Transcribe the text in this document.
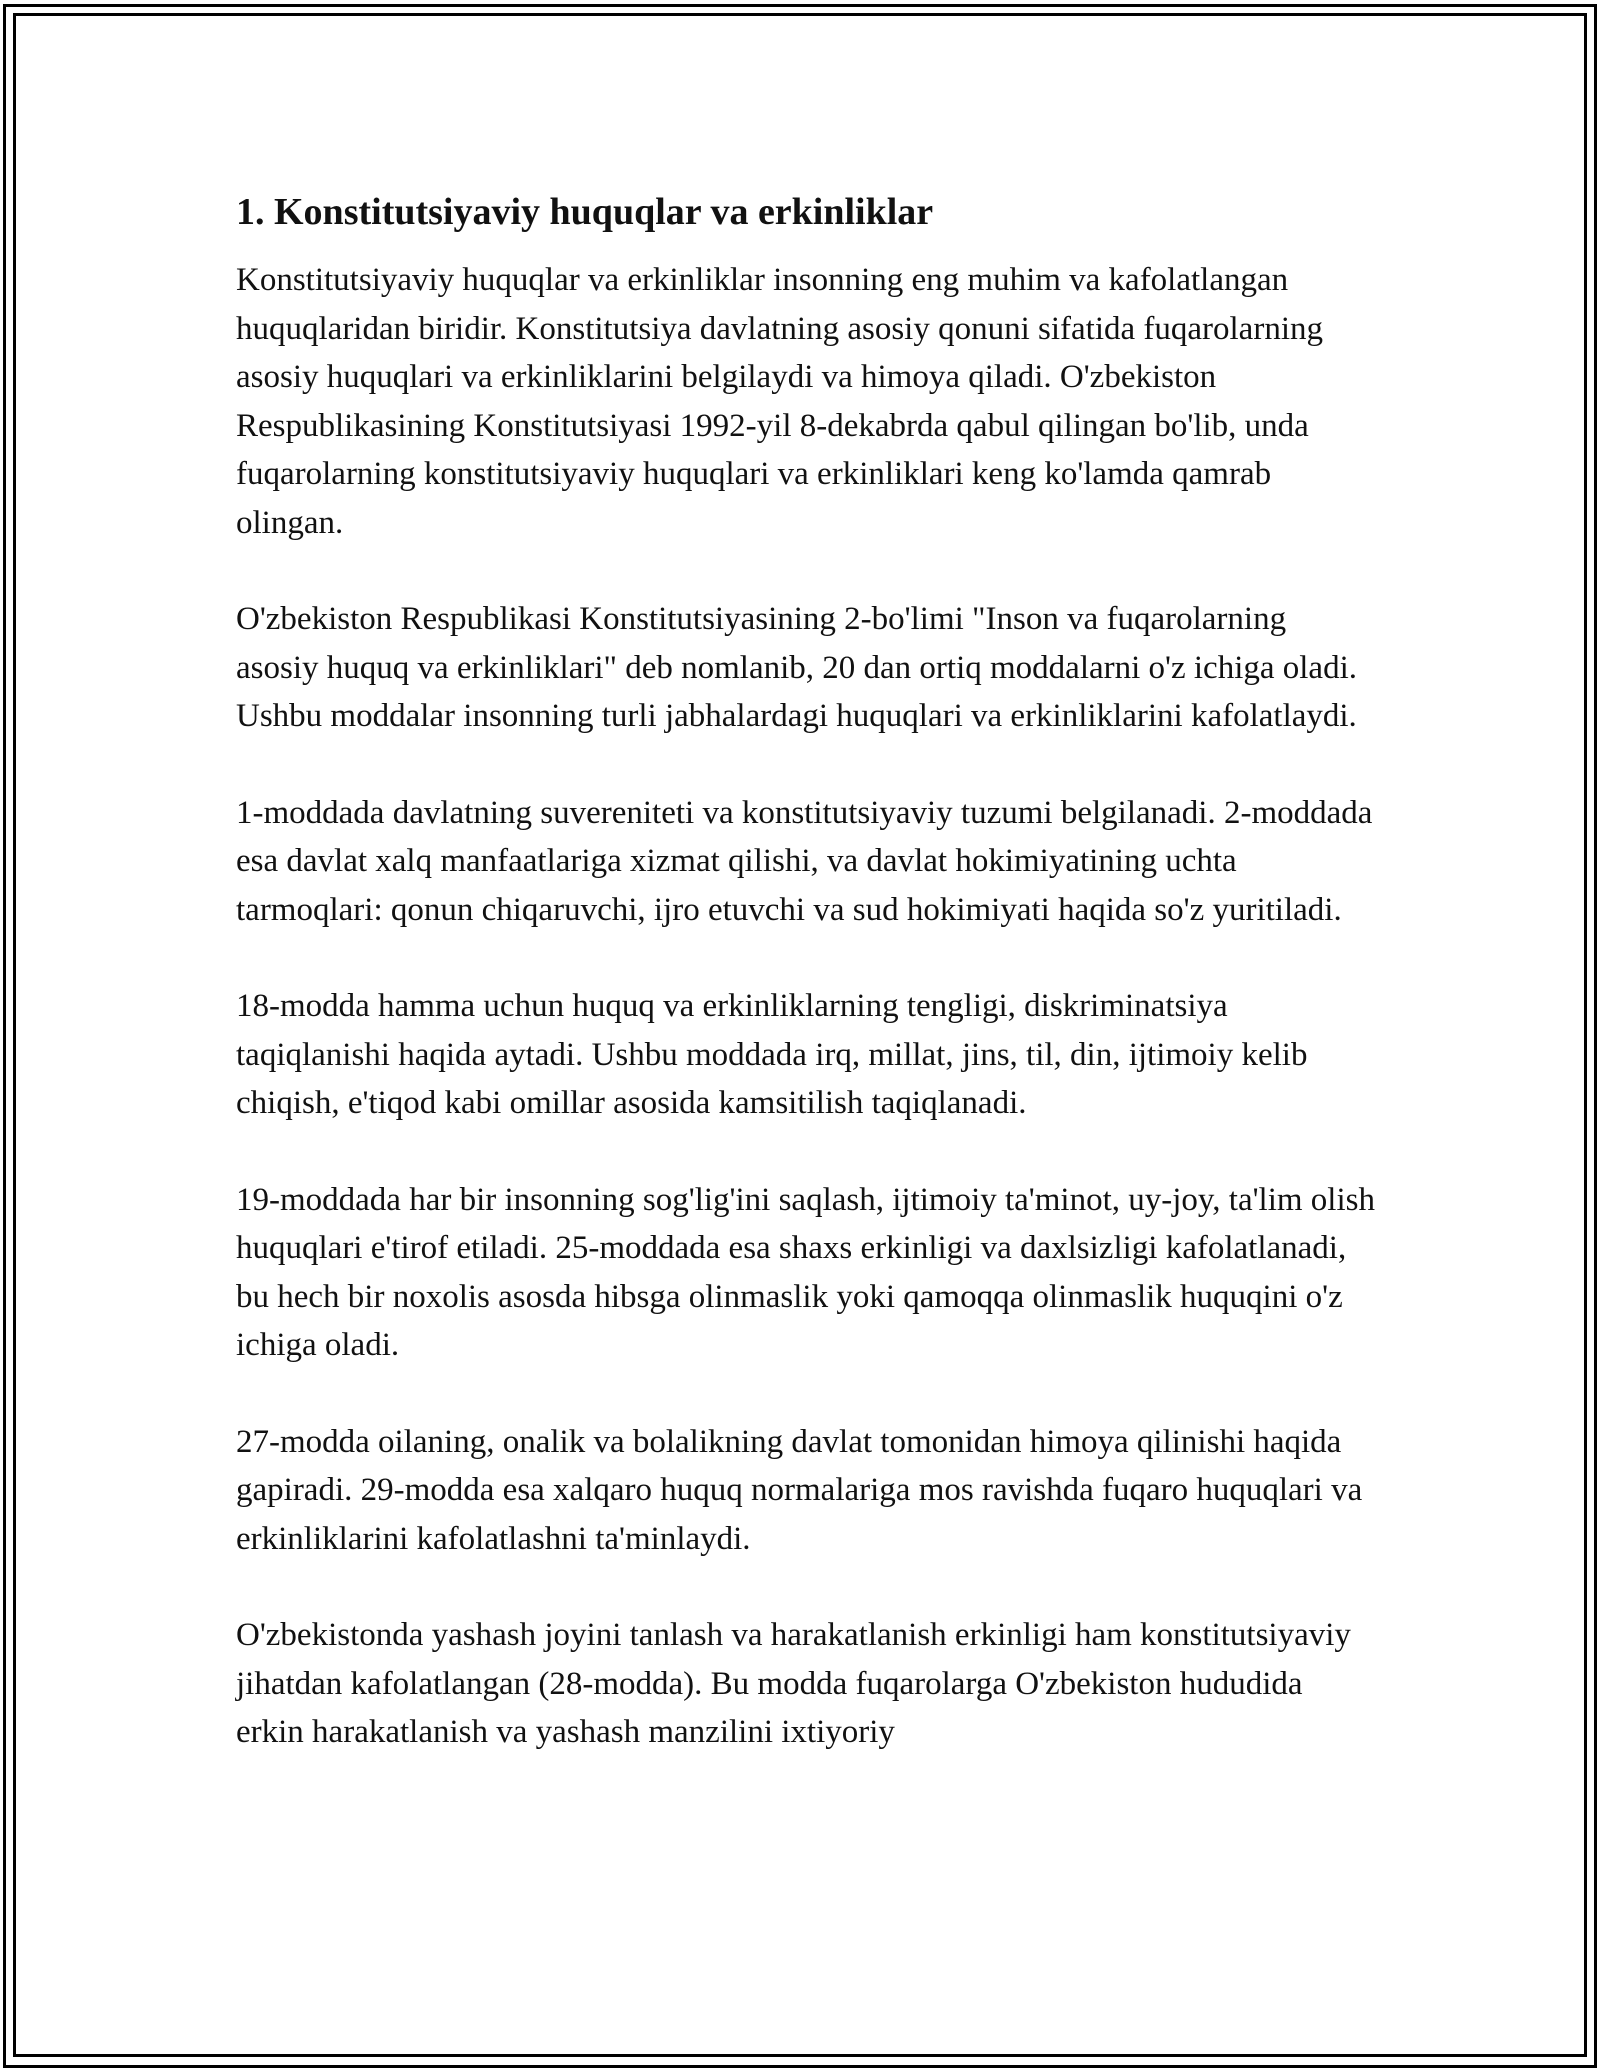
1. Konstitutsiyaviy huquqlar va erkinliklar

Konstitutsiyaviy huquqlar va erkinliklar insonning eng muhim va kafolatlangan huquqlaridan biridir. Konstitutsiya davlatning asosiy qonuni sifatida fuqarolarning asosiy huquqlari va erkinliklarini belgilaydi va himoya qiladi. O'zbekiston Respublikasining Konstitutsiyasi 1992-yil 8-dekabrda qabul qilingan bo'lib, unda fuqarolarning konstitutsiyaviy huquqlari va erkinliklari keng ko'lamda qamrab olingan.

O'zbekiston Respublikasi Konstitutsiyasining 2-bo'limi "Inson va fuqarolarning asosiy huquq va erkinliklari" deb nomlanib, 20 dan ortiq moddalarni o'z ichiga oladi. Ushbu moddalar insonning turli jabhalardagi huquqlari va erkinliklarini kafolatlaydi.

1-moddada davlatning suvereniteti va konstitutsiyaviy tuzumi belgilanadi. 2-moddada esa davlat xalq manfaatlariga xizmat qilishi, va davlat hokimiyatining uchta tarmoqlari: qonun chiqaruvchi, ijro etuvchi va sud hokimiyati haqida so'z yuritiladi.

18-modda hamma uchun huquq va erkinliklarning tengligi, diskriminatsiya taqiqlanishi haqida aytadi. Ushbu moddada irq, millat, jins, til, din, ijtimoiy kelib chiqish, e'tiqod kabi omillar asosida kamsitilish taqiqlanadi.

19-moddada har bir insonning sog'lig'ini saqlash, ijtimoiy ta'minot, uy-joy, ta'lim olish huquqlari e'tirof etiladi. 25-moddada esa shaxs erkinligi va daxlsizligi kafolatlanadi, bu hech bir noxolis asosda hibsga olinmaslik yoki qamoqqa olinmaslik huquqini o'z ichiga oladi.

27-modda oilaning, onalik va bolalikning davlat tomonidan himoya qilinishi haqida gapiradi. 29-modda esa xalqaro huquq normalariga mos ravishda fuqaro huquqlari va erkinliklarini kafolatlashni ta'minlaydi.

O'zbekistonda yashash joyini tanlash va harakatlanish erkinligi ham konstitutsiyaviy jihatdan kafolatlangan (28-modda). Bu modda fuqarolarga O'zbekiston hududida erkin harakatlanish va yashash manzilini ixtiyoriy
